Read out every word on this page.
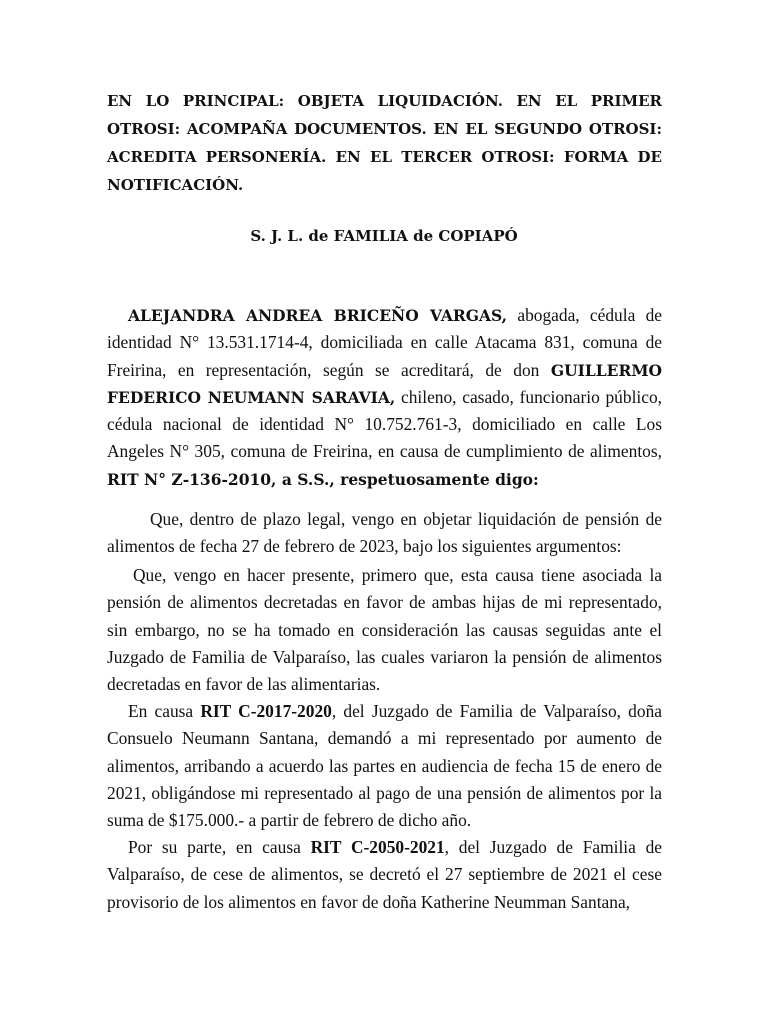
EN LO PRINCIPAL: OBJETA LIQUIDACIÓN. EN EL PRIMER OTROSI: ACOMPAÑA DOCUMENTOS. EN EL SEGUNDO OTROSI: ACREDITA PERSONERÍA. EN EL TERCER OTROSI: FORMA DE NOTIFICACIÓN.

S. J. L. de FAMILIA de COPIAPÓ

ALEJANDRA ANDREA BRICEÑO VARGAS, abogada, cédula de identidad N° 13.531.1714-4, domiciliada en calle Atacama 831, comuna de Freirina, en representación, según se acreditará, de don GUILLERMO FEDERICO NEUMANN SARAVIA, chileno, casado, funcionario público, cédula nacional de identidad N° 10.752.761-3, domiciliado en calle Los Angeles N° 305, comuna de Freirina, en causa de cumplimiento de alimentos, RIT N° Z-136-2010, a S.S., respetuosamente digo:

Que, dentro de plazo legal, vengo en objetar liquidación de pensión de alimentos de fecha 27 de febrero de 2023, bajo los siguientes argumentos:

Que, vengo en hacer presente, primero que, esta causa tiene asociada la pensión de alimentos decretadas en favor de ambas hijas de mi representado, sin embargo, no se ha tomado en consideración las causas seguidas ante el Juzgado de Familia de Valparaíso, las cuales variaron la pensión de alimentos decretadas en favor de las alimentarias.

En causa RIT C-2017-2020, del Juzgado de Familia de Valparaíso, doña Consuelo Neumann Santana, demandó a mi representado por aumento de alimentos, arribando a acuerdo las partes en audiencia de fecha 15 de enero de 2021, obligándose mi representado al pago de una pensión de alimentos por la suma de $175.000.- a partir de febrero de dicho año.

Por su parte, en causa RIT C-2050-2021, del Juzgado de Familia de Valparaíso, de cese de alimentos, se decretó el 27 septiembre de 2021 el cese provisorio de los alimentos en favor de doña Katherine Neumman Santana,
